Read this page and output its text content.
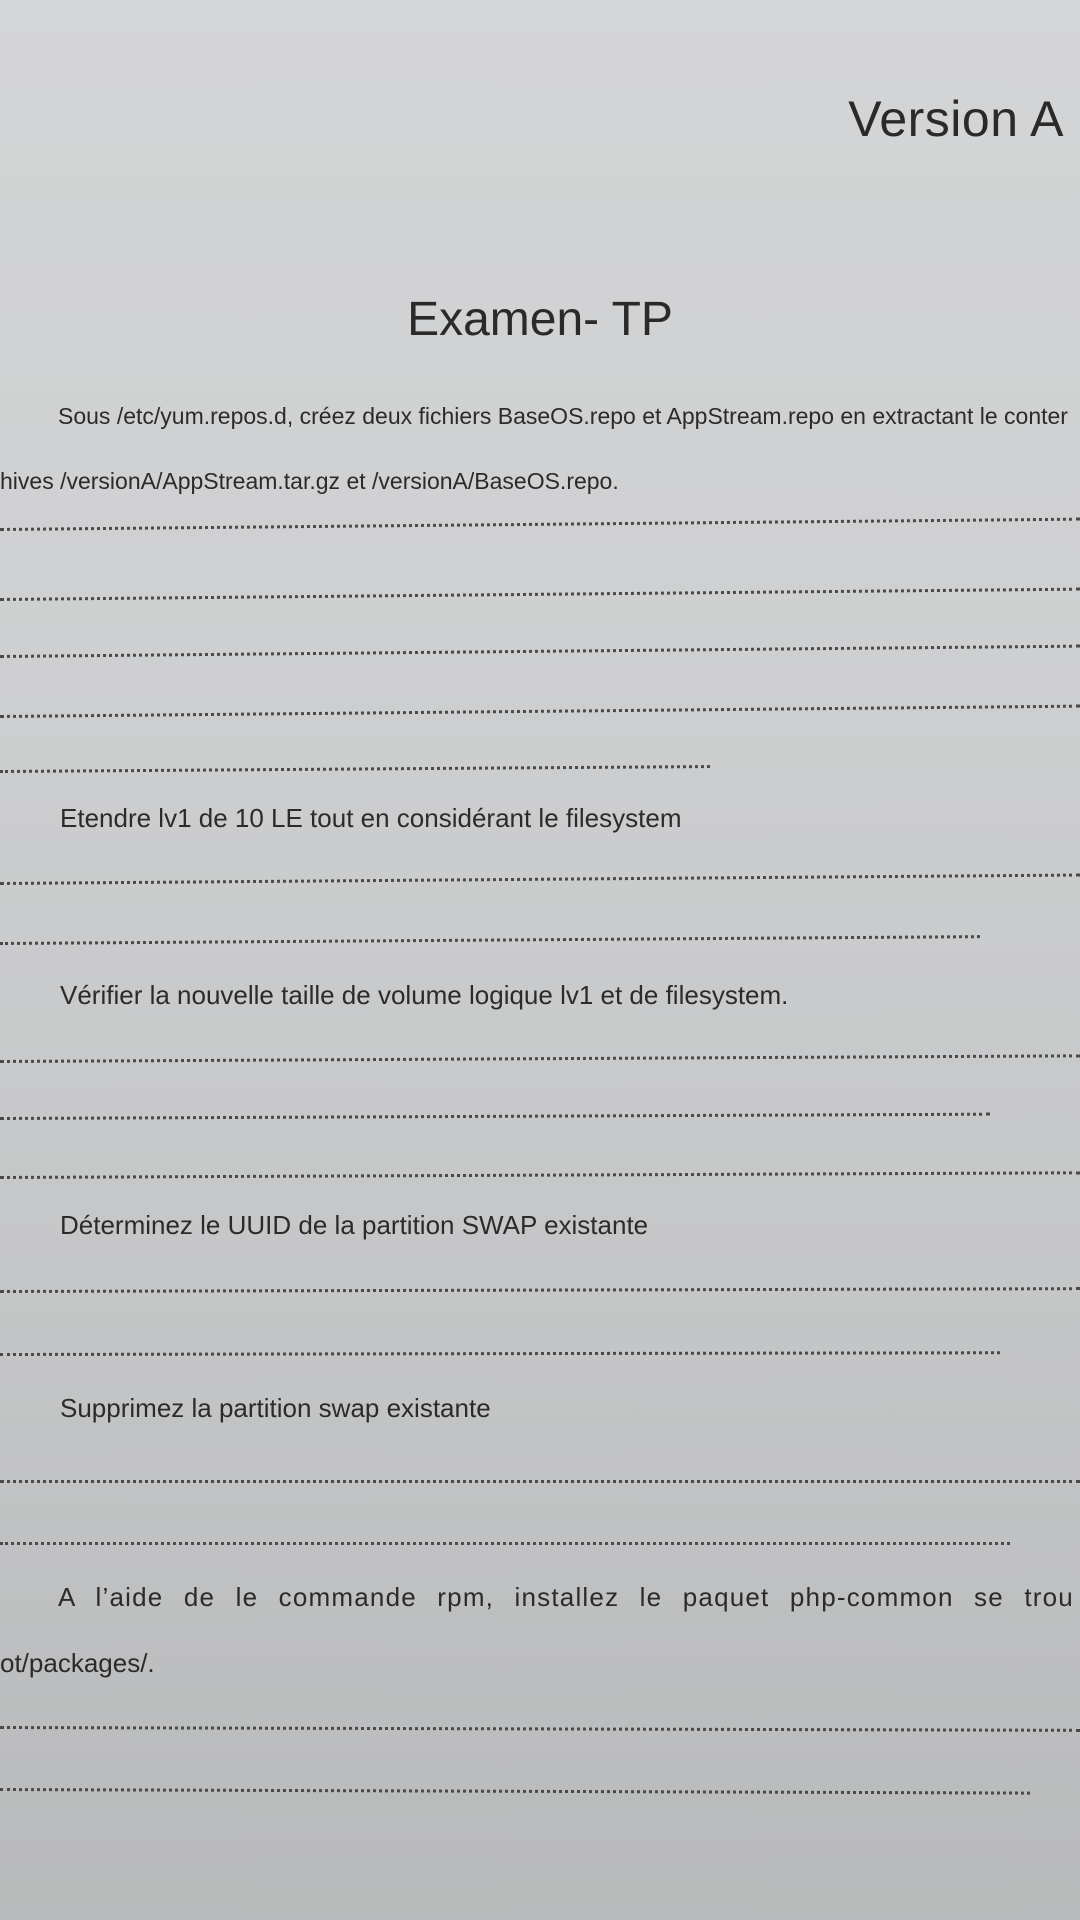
Version A
Examen- TP
Sous /etc/yum.repos.d, créez deux fichiers BaseOS.repo et AppStream.repo en extractant le conter
hives /versionA/AppStream.tar.gz et /versionA/BaseOS.repo.
Etendre lv1 de 10 LE tout en considérant le filesystem
Vérifier la nouvelle taille de volume logique lv1 et de filesystem.
Déterminez le UUID de la partition SWAP existante
Supprimez la partition swap existante
A l’aide de le commande rpm, installez le paquet php-common se trou
ot/packages/.
